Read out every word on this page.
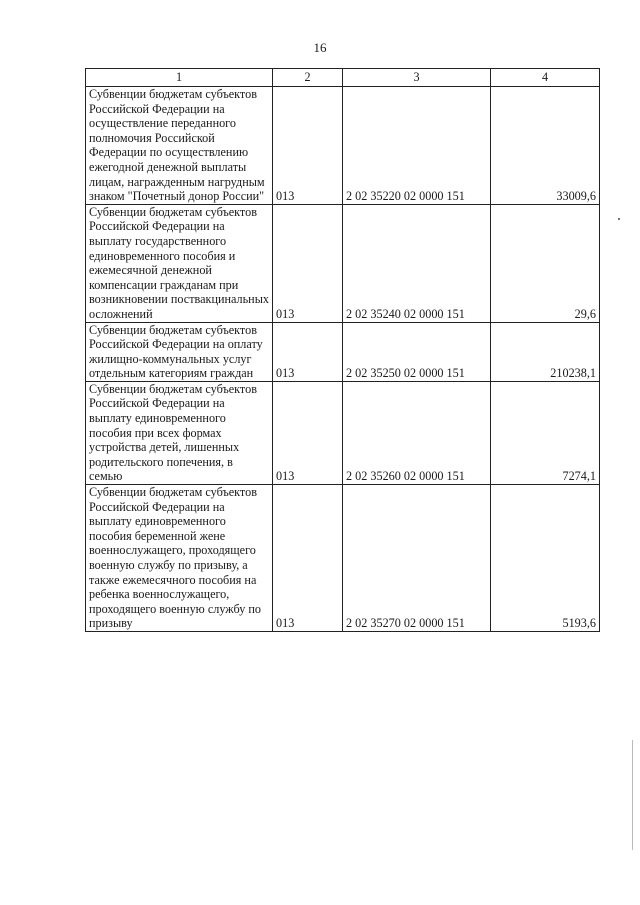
16
1	2	3	4
Субвенции бюджетам субъектов Российской Федерации на осуществление переданного полномочия Российской Федерации по осуществлению ежегодной денежной выплаты лицам, награжденным нагрудным знаком "Почетный донор России"	013	2 02 35220 02 0000 151	33009,6
Субвенции бюджетам субъектов Российской Федерации на выплату государственного единовременного пособия и ежемесячной денежной компенсации гражданам при возникновении поствакцинальных осложнений	013	2 02 35240 02 0000 151	29,6
Субвенции бюджетам субъектов Российской Федерации на оплату жилищно-коммунальных услуг отдельным категориям граждан	013	2 02 35250 02 0000 151	210238,1
Субвенции бюджетам субъектов Российской Федерации на выплату единовременного пособия при всех формах устройства детей, лишенных родительского попечения, в семью	013	2 02 35260 02 0000 151	7274,1
Субвенции бюджетам субъектов Российской Федерации на выплату единовременного пособия беременной жене военнослужащего, проходящего военную службу по призыву, а также ежемесячного пособия на ребенка военнослужащего, проходящего военную службу по призыву	013	2 02 35270 02 0000 151	5193,6
